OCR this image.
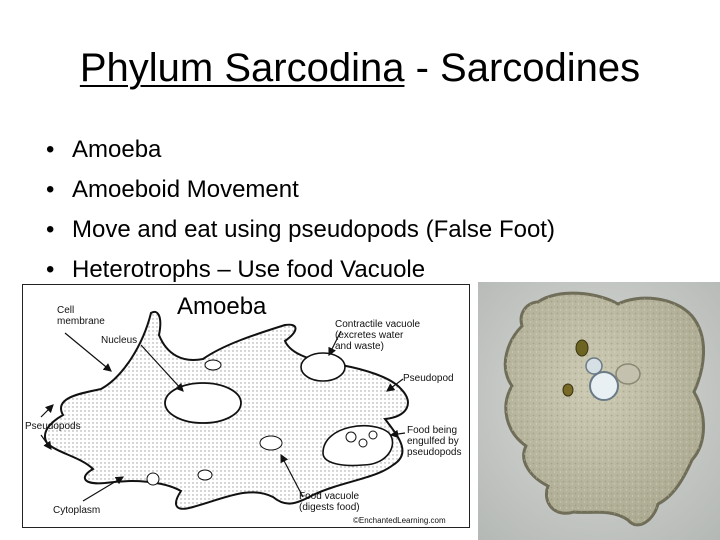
Phylum Sarcodina - Sarcodines
• Amoeba
• Amoeboid Movement
• Move and eat using pseudopods (False Foot)
• Heterotrophs – Use food Vacuole
Amoeba
Cell
membrane
Nucleus
Contractile vacuole
(excretes water
and waste)
Pseudopod
Pseudopods	Food being
engulfed by
pseudopods
Cytoplasm
Food vacuole
(digests food)
©EnchantedLearning.com
